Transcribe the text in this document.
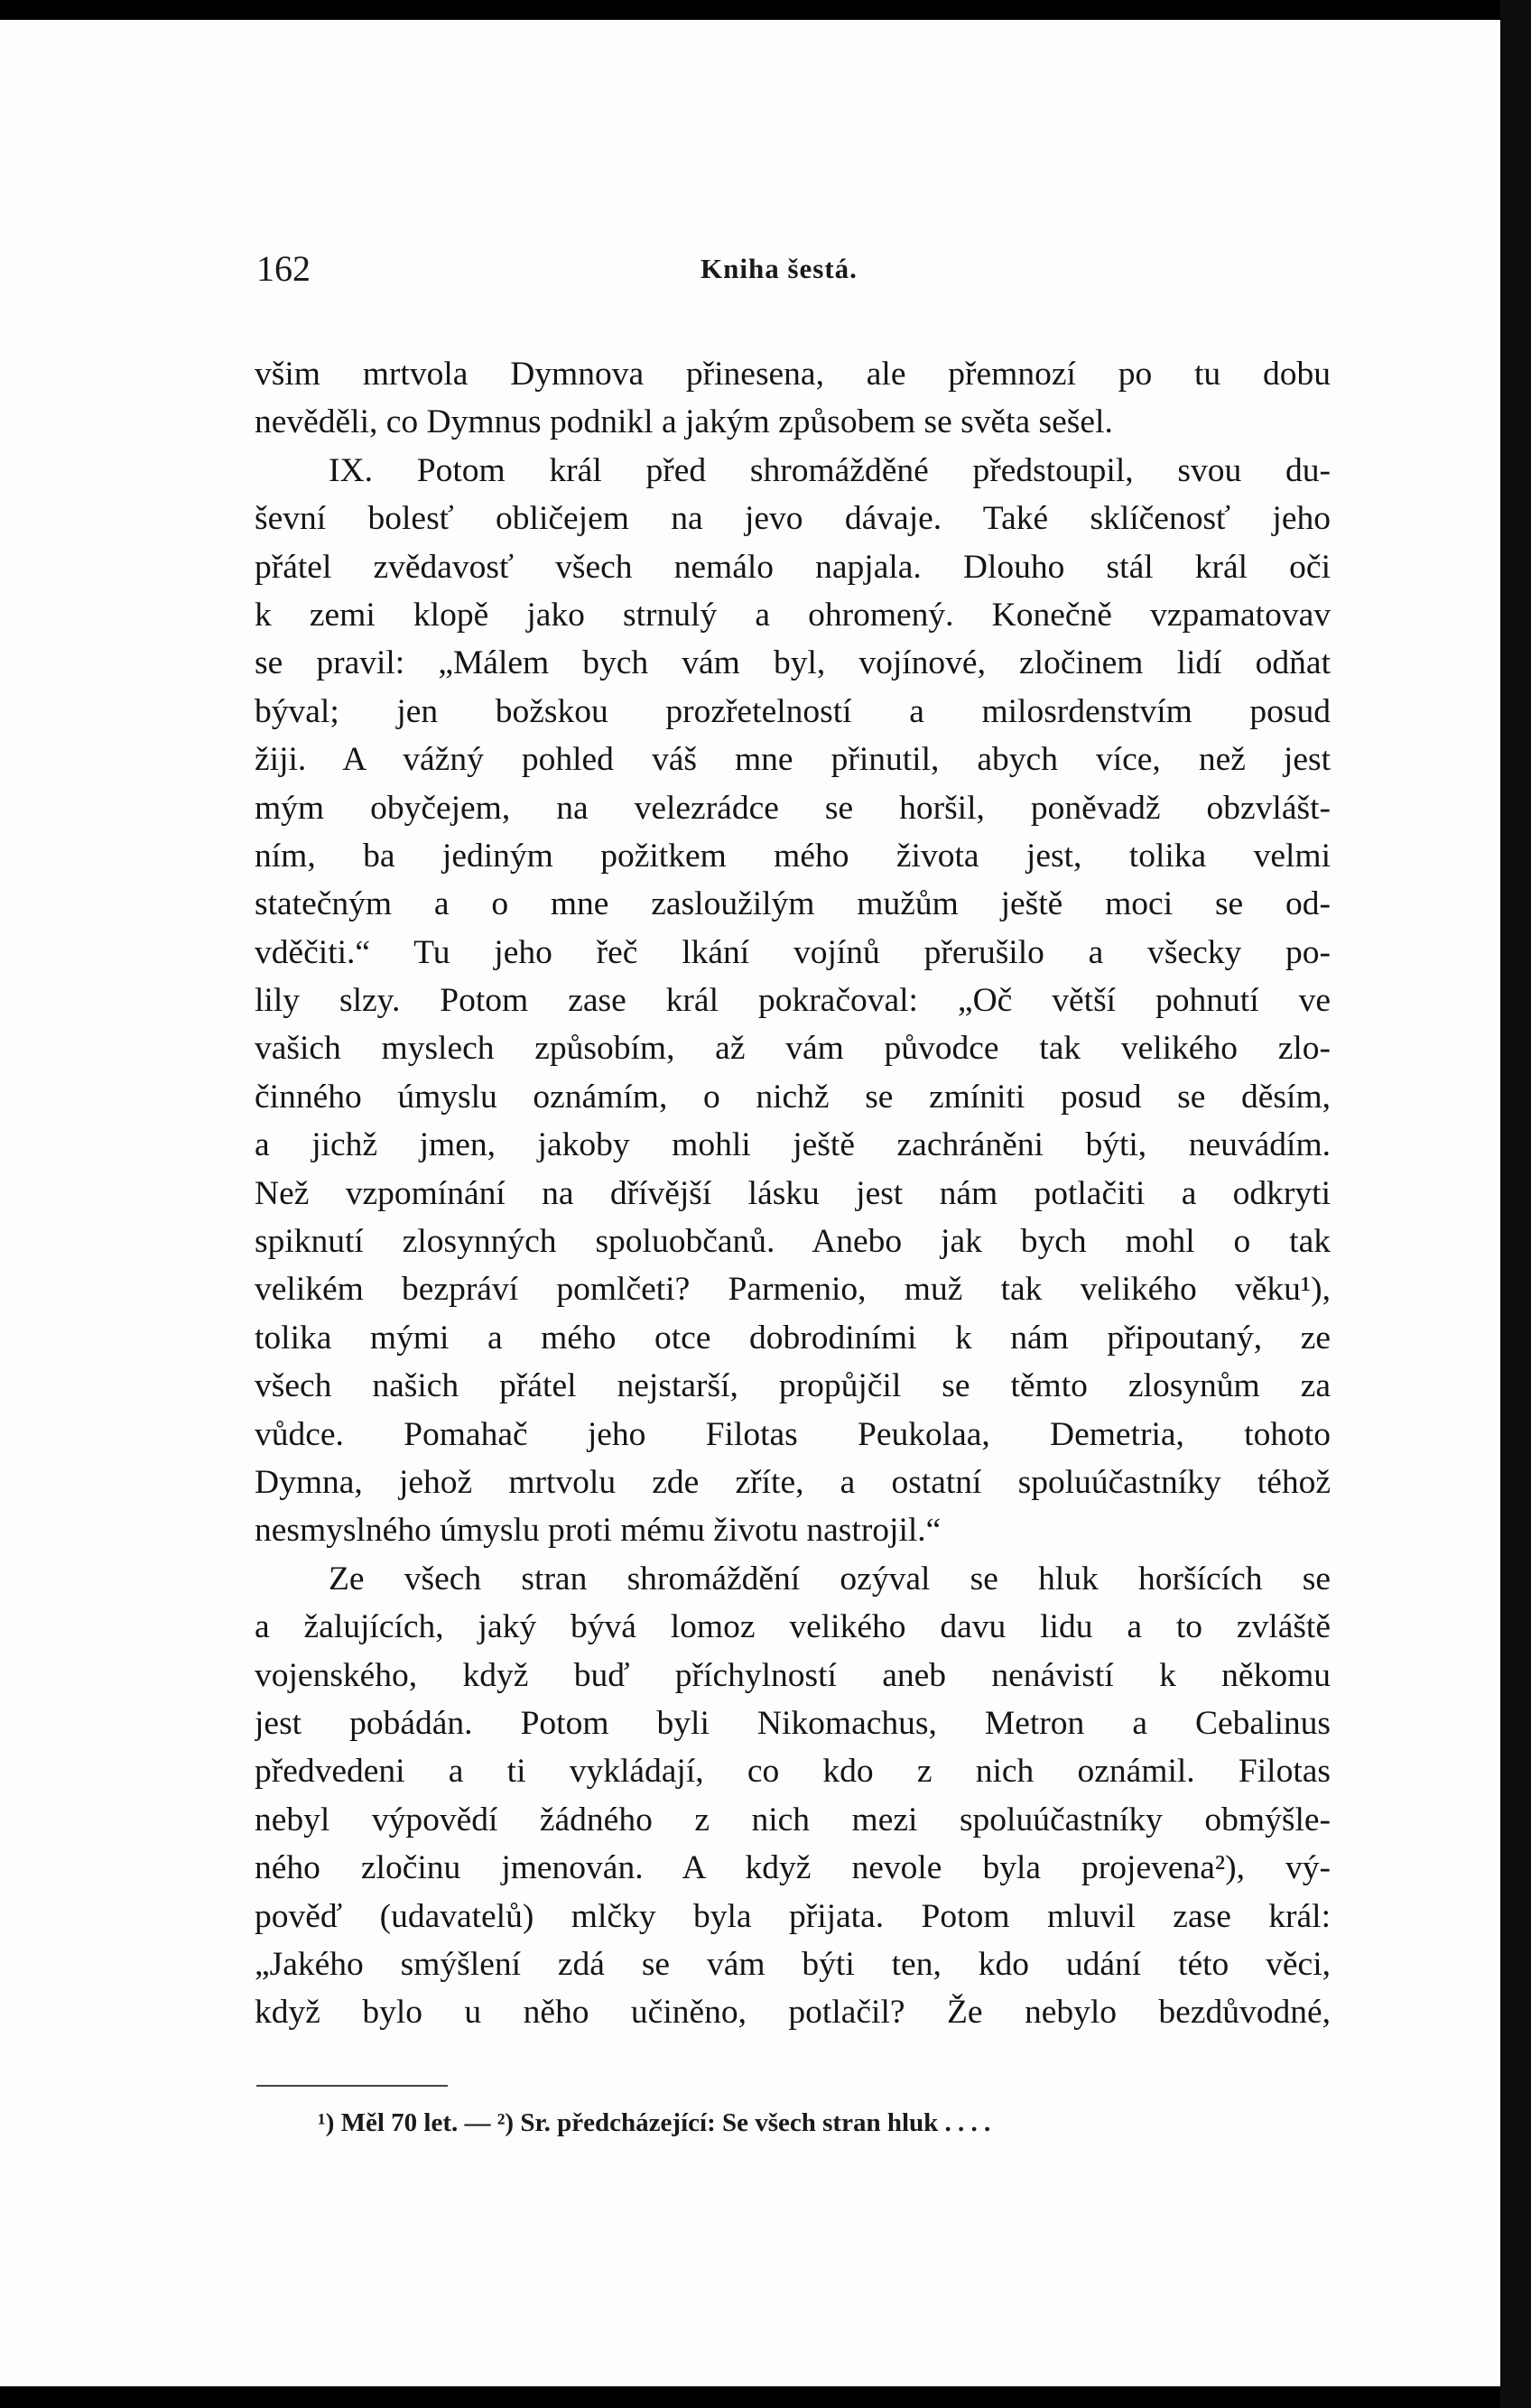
162	Kniha šestá.
všim mrtvola Dymnova přinesena, ale přemnozí po tu dobu
nevěděli, co Dymnus podnikl a jakým způsobem se světa sešel.
IX. Potom král před shromážděné předstoupil, svou du-
ševní bolesť obličejem na jevo dávaje. Také sklíčenosť jeho
přátel zvědavosť všech nemálo napjala. Dlouho stál král oči
k zemi klopě jako strnulý a ohromený. Konečně vzpamatovav
se pravil: „Málem bych vám byl, vojínové, zločinem lidí odňat
býval; jen božskou prozřetelností a milosrdenstvím posud
žiji. A vážný pohled váš mne přinutil, abych více, než jest
mým obyčejem, na velezrádce se horšil, poněvadž obzvlášt-
ním, ba jediným požitkem mého života jest, tolika velmi
statečným a o mne zasloužilým mužům ještě moci se od-
vděčiti.“ Tu jeho řeč lkání vojínů přerušilo a všecky po-
lily slzy. Potom zase král pokračoval: „Oč větší pohnutí ve
vašich myslech způsobím, až vám původce tak velikého zlo-
činného úmyslu oznámím, o nichž se zmíniti posud se děsím,
a jichž jmen, jakoby mohli ještě zachráněni býti, neuvádím.
Než vzpomínání na dřívější lásku jest nám potlačiti a odkryti
spiknutí zlosynných spoluobčanů. Anebo jak bych mohl o tak
velikém bezpráví pomlčeti? Parmenio, muž tak velikého věku¹),
tolika mými a mého otce dobrodiními k nám připoutaný, ze
všech našich přátel nejstarší, propůjčil se těmto zlosynům za
vůdce. Pomahač jeho Filotas Peukolaa, Demetria, tohoto
Dymna, jehož mrtvolu zde zříte, a ostatní spoluúčastníky téhož
nesmyslného úmyslu proti mému životu nastrojil.“
Ze všech stran shromáždění ozýval se hluk horšících se
a žalujících, jaký bývá lomoz velikého davu lidu a to zvláště
vojenského, když buď příchylností aneb nenávistí k někomu
jest pobádán. Potom byli Nikomachus, Metron a Cebalinus
předvedeni a ti vykládají, co kdo z nich oznámil. Filotas
nebyl výpovědí žádného z nich mezi spoluúčastníky obmýšle-
ného zločinu jmenován. A když nevole byla projevena²), vý-
pověď (udavatelů) mlčky byla přijata. Potom mluvil zase král:
„Jakého smýšlení zdá se vám býti ten, kdo udání této věci,
když bylo u něho učiněno, potlačil? Že nebylo bezdůvodné,
¹) Měl 70 let. — ²) Sr. předcházející: Se všech stran hluk . . . .
